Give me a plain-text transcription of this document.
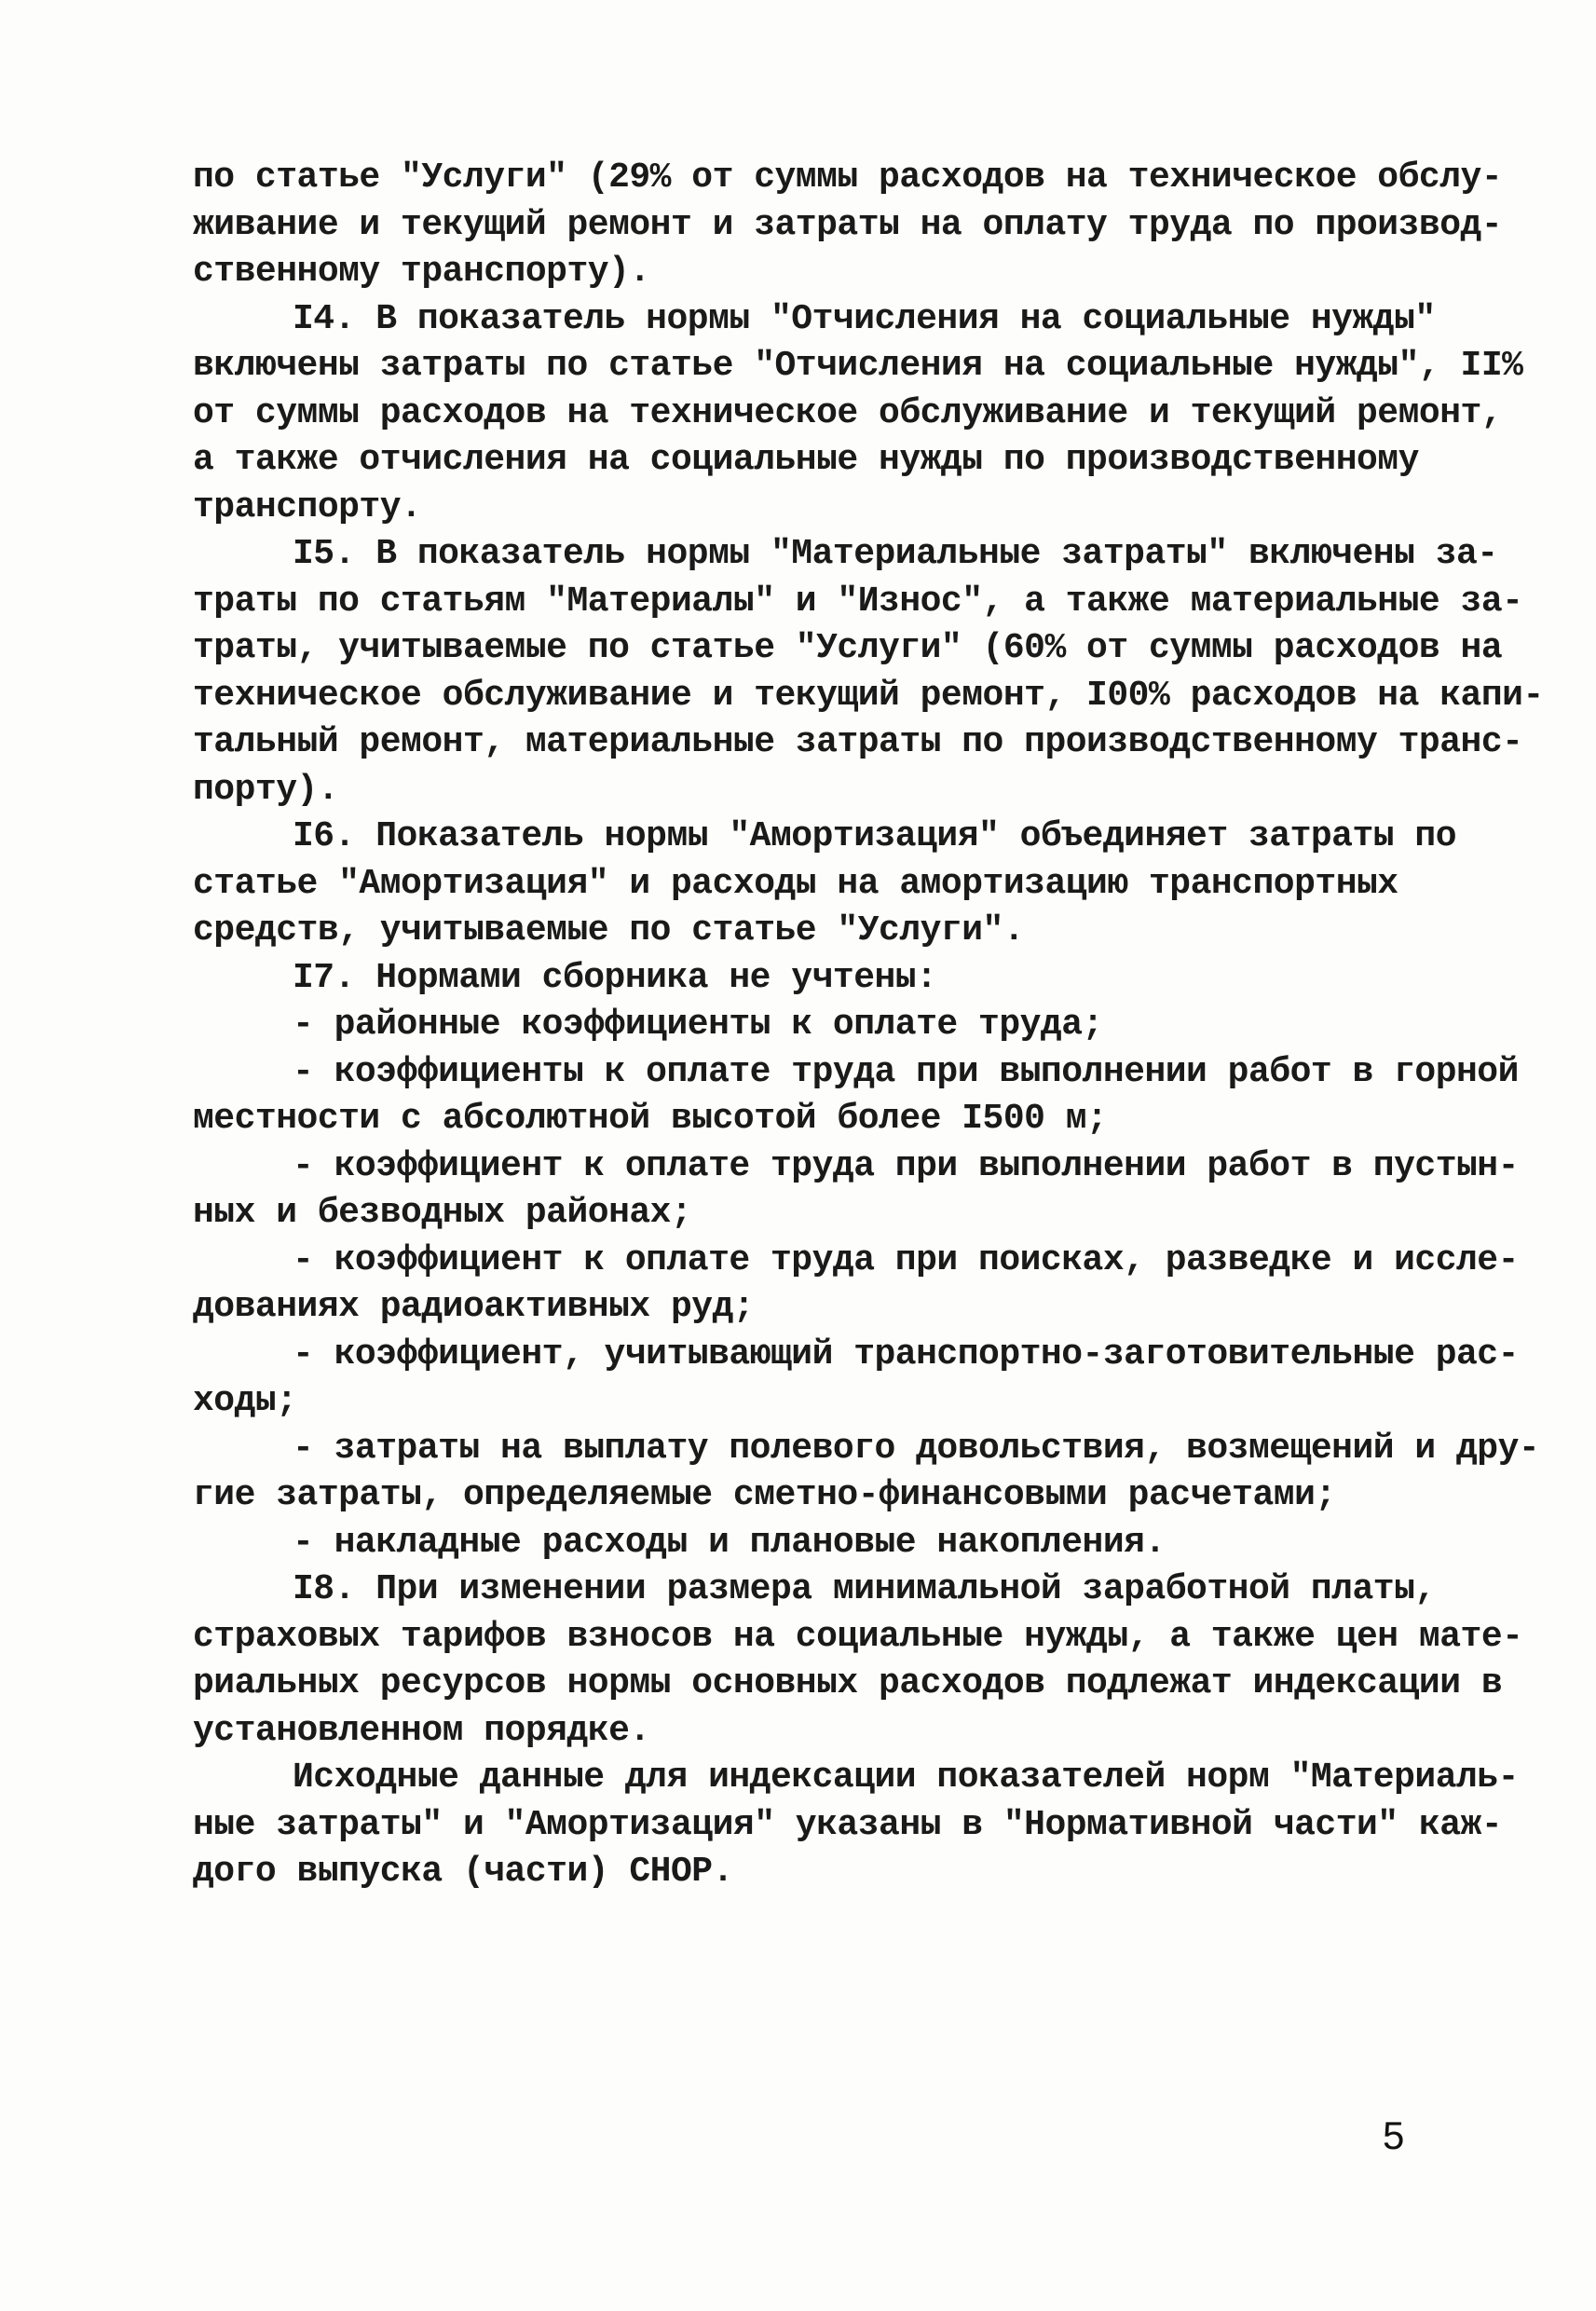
по статье "Услуги" (29% от суммы расходов на техническое обслу-
живание и текущий ремонт и затраты на оплату труда по производ-
ственному транспорту).
I4. В показатель нормы "Отчисления на социальные нужды"
включены затраты по статье "Отчисления на социальные нужды", II%
от суммы расходов на техническое обслуживание и текущий ремонт,
а также отчисления на социальные нужды по производственному
транспорту.
I5. В показатель нормы "Материальные затраты" включены за-
траты по статьям "Материалы" и "Износ", а также материальные за-
траты, учитываемые по статье "Услуги" (60% от суммы расходов на
техническое обслуживание и текущий ремонт, I00% расходов на капи-
тальный ремонт, материальные затраты по производственному транс-
порту).
I6. Показатель нормы "Амортизация" объединяет затраты по
статье "Амортизация" и расходы на амортизацию транспортных
средств, учитываемые по статье "Услуги".
I7. Нормами сборника не учтены:
- районные коэффициенты к оплате труда;
- коэффициенты к оплате труда при выполнении работ в горной
местности с абсолютной высотой более I500 м;
- коэффициент к оплате труда при выполнении работ в пустын-
ных и безводных районах;
- коэффициент к оплате труда при поисках, разведке и иссле-
дованиях радиоактивных руд;
- коэффициент, учитывающий транспортно-заготовительные рас-
ходы;
- затраты на выплату полевого довольствия, возмещений и дру-
гие затраты, определяемые сметно-финансовыми расчетами;
- накладные расходы и плановые накопления.
I8. При изменении размера минимальной заработной платы,
страховых тарифов взносов на социальные нужды, а также цен мате-
риальных ресурсов нормы основных расходов подлежат индексации в
установленном порядке.
Исходные данные для индексации показателей норм "Материаль-
ные затраты" и "Амортизация" указаны в "Нормативной части" каж-
дого выпуска (части) СНОР.
5
